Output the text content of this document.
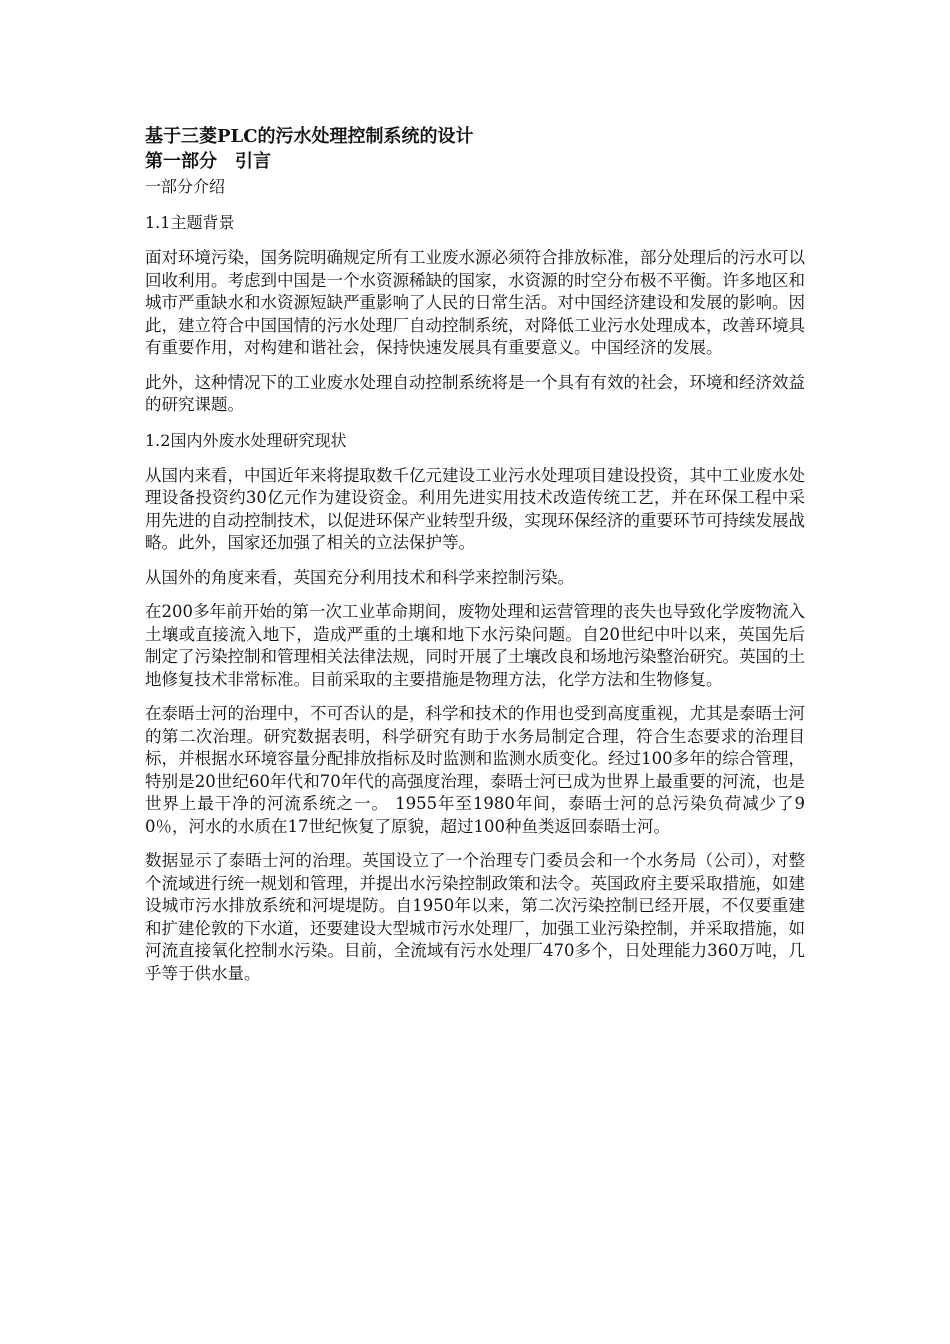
基于三菱PLC的污水处理控制系统的设计

第一部分　引言

一部分介绍

1.1主题背景

面对环境污染，国务院明确规定所有工业废水源必须符合排放标准，部分处理后的污水可以回收利用。考虑到中国是一个水资源稀缺的国家，水资源的时空分布极不平衡。许多地区和城市严重缺水和水资源短缺严重影响了人民的日常生活。对中国经济建设和发展的影响。因此，建立符合中国国情的污水处理厂自动控制系统，对降低工业污水处理成本，改善环境具有重要作用，对构建和谐社会，保持快速发展具有重要意义。中国经济的发展。

此外，这种情况下的工业废水处理自动控制系统将是一个具有有效的社会，环境和经济效益的研究课题。

1.2国内外废水处理研究现状

从国内来看，中国近年来将提取数千亿元建设工业污水处理项目建设投资，其中工业废水处理设备投资约30亿元作为建设资金。利用先进实用技术改造传统工艺，并在环保工程中采用先进的自动控制技术，以促进环保产业转型升级，实现环保经济的重要环节可持续发展战略。此外，国家还加强了相关的立法保护等。

从国外的角度来看，英国充分利用技术和科学来控制污染。

在200多年前开始的第一次工业革命期间，废物处理和运营管理的丧失也导致化学废物流入土壤或直接流入地下，造成严重的土壤和地下水污染问题。自20世纪中叶以来，英国先后制定了污染控制和管理相关法律法规，同时开展了土壤改良和场地污染整治研究。英国的土地修复技术非常标准。目前采取的主要措施是物理方法，化学方法和生物修复。

在泰晤士河的治理中，不可否认的是，科学和技术的作用也受到高度重视，尤其是泰晤士河的第二次治理。研究数据表明，科学研究有助于水务局制定合理，符合生态要求的治理目标，并根据水环境容量分配排放指标及时监测和监测水质变化。经过100多年的综合管理，特别是20世纪60年代和70年代的高强度治理，泰晤士河已成为世界上最重要的河流，也是世界上最干净的河流系统之一。 1955年至1980年间，泰晤士河的总污染负荷减少了90％，河水的水质在17世纪恢复了原貌，超过100种鱼类返回泰晤士河。

数据显示了泰晤士河的治理。英国设立了一个治理专门委员会和一个水务局（公司），对整个流域进行统一规划和管理，并提出水污染控制政策和法令。英国政府主要采取措施，如建设城市污水排放系统和河堤堤防。自1950年以来，第二次污染控制已经开展，不仅要重建和扩建伦敦的下水道，还要建设大型城市污水处理厂，加强工业污染控制，并采取措施，如河流直接氧化控制水污染。目前，全流域有污水处理厂470多个，日处理能力360万吨，几乎等于供水量。
